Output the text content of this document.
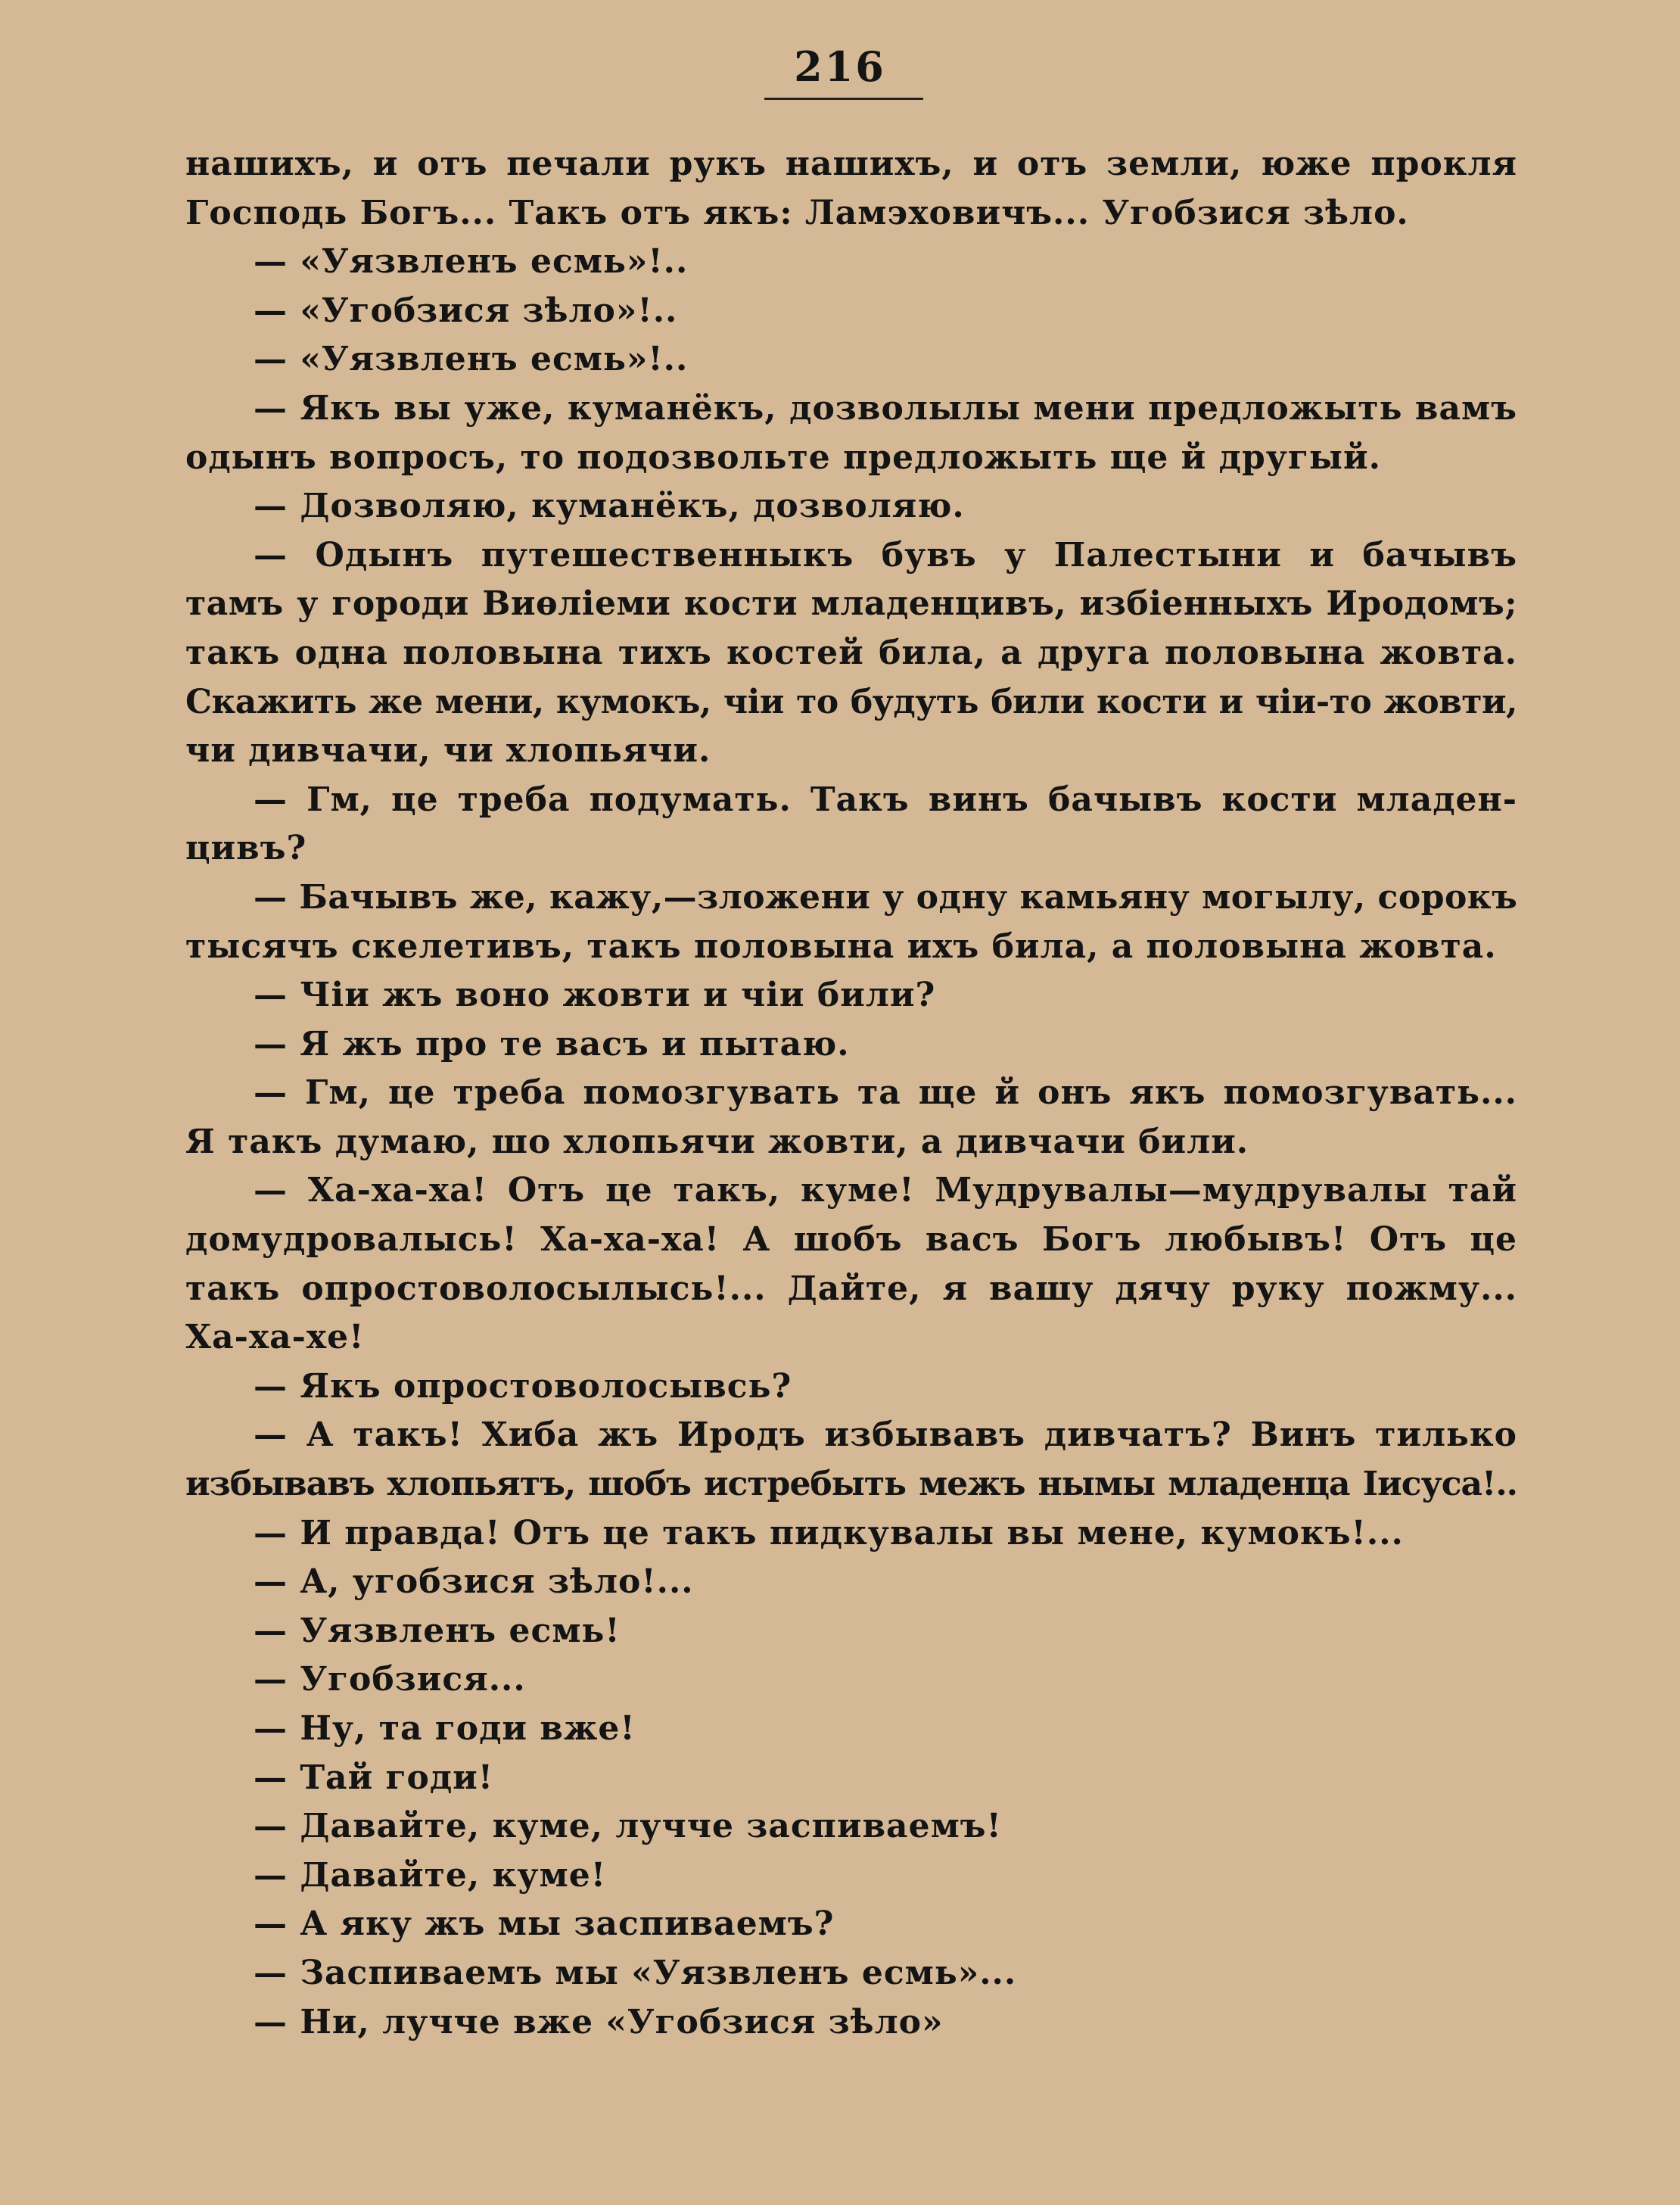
216
нашихъ, и отъ печали рукъ нашихъ, и отъ земли, юже прокля
Господь Богъ... Такъ отъ якъ: Ламэховичъ... Угобзися зѣло.
— «Уязвленъ есмь»!..
— «Угобзися зѣло»!..
— «Уязвленъ есмь»!..
— Якъ вы уже, куманёкъ, дозволылы мени предложыть вамъ
одынъ вопросъ, то подозвольте предложыть ще й другый.
— Дозволяю, куманёкъ, дозволяю.
— Одынъ путешественныкъ бувъ у Палестыни и бачывъ
тамъ у городи Виѳлiеми кости младенцивъ, избiенныхъ Иродомъ;
такъ одна половына тихъ костей била, а друга половына жовта.
Скажить же мени, кумокъ, чiи то будуть били кости и чiи-то жовти,
чи дивчачи, чи хлопьячи.
— Гм, це треба подумать. Такъ винъ бачывъ кости младен-
цивъ?
— Бачывъ же, кажу,—зложени у одну камьяну могылу, сорокъ
тысячъ скелетивъ, такъ половына ихъ била, а половына жовта.
— Чiи жъ воно жовти и чiи били?
— Я жъ про те васъ и пытаю.
— Гм, це треба помозгувать та ще й онъ якъ помозгувать...
Я такъ думаю, шо хлопьячи жовти, а дивчачи били.
— Ха-ха-ха! Отъ це такъ, куме! Мудрувалы—мудрувалы тай
домудровалысь! Ха-ха-ха! А шобъ васъ Богъ любывъ! Отъ це
такъ опростоволосылысь!... Дайте, я вашу дячу руку пожму...
Ха-ха-хе!
— Якъ опростоволосывсь?
— А такъ! Хиба жъ Иродъ избывавъ дивчатъ? Винъ тилько
избывавъ хлопьятъ, шобъ истребыть межъ нымы младенца Iисуса!..
— И правда! Отъ це такъ пидкувалы вы мене, кумокъ!...
— А, угобзися зѣло!...
— Уязвленъ есмь!
— Угобзися...
— Ну, та годи вже!
— Тай годи!
— Давайте, куме, лучче заспиваемъ!
— Давайте, куме!
— А яку жъ мы заспиваемъ?
— Заспиваемъ мы «Уязвленъ есмь»...
— Ни, лучче вже «Угобзися зѣло»
